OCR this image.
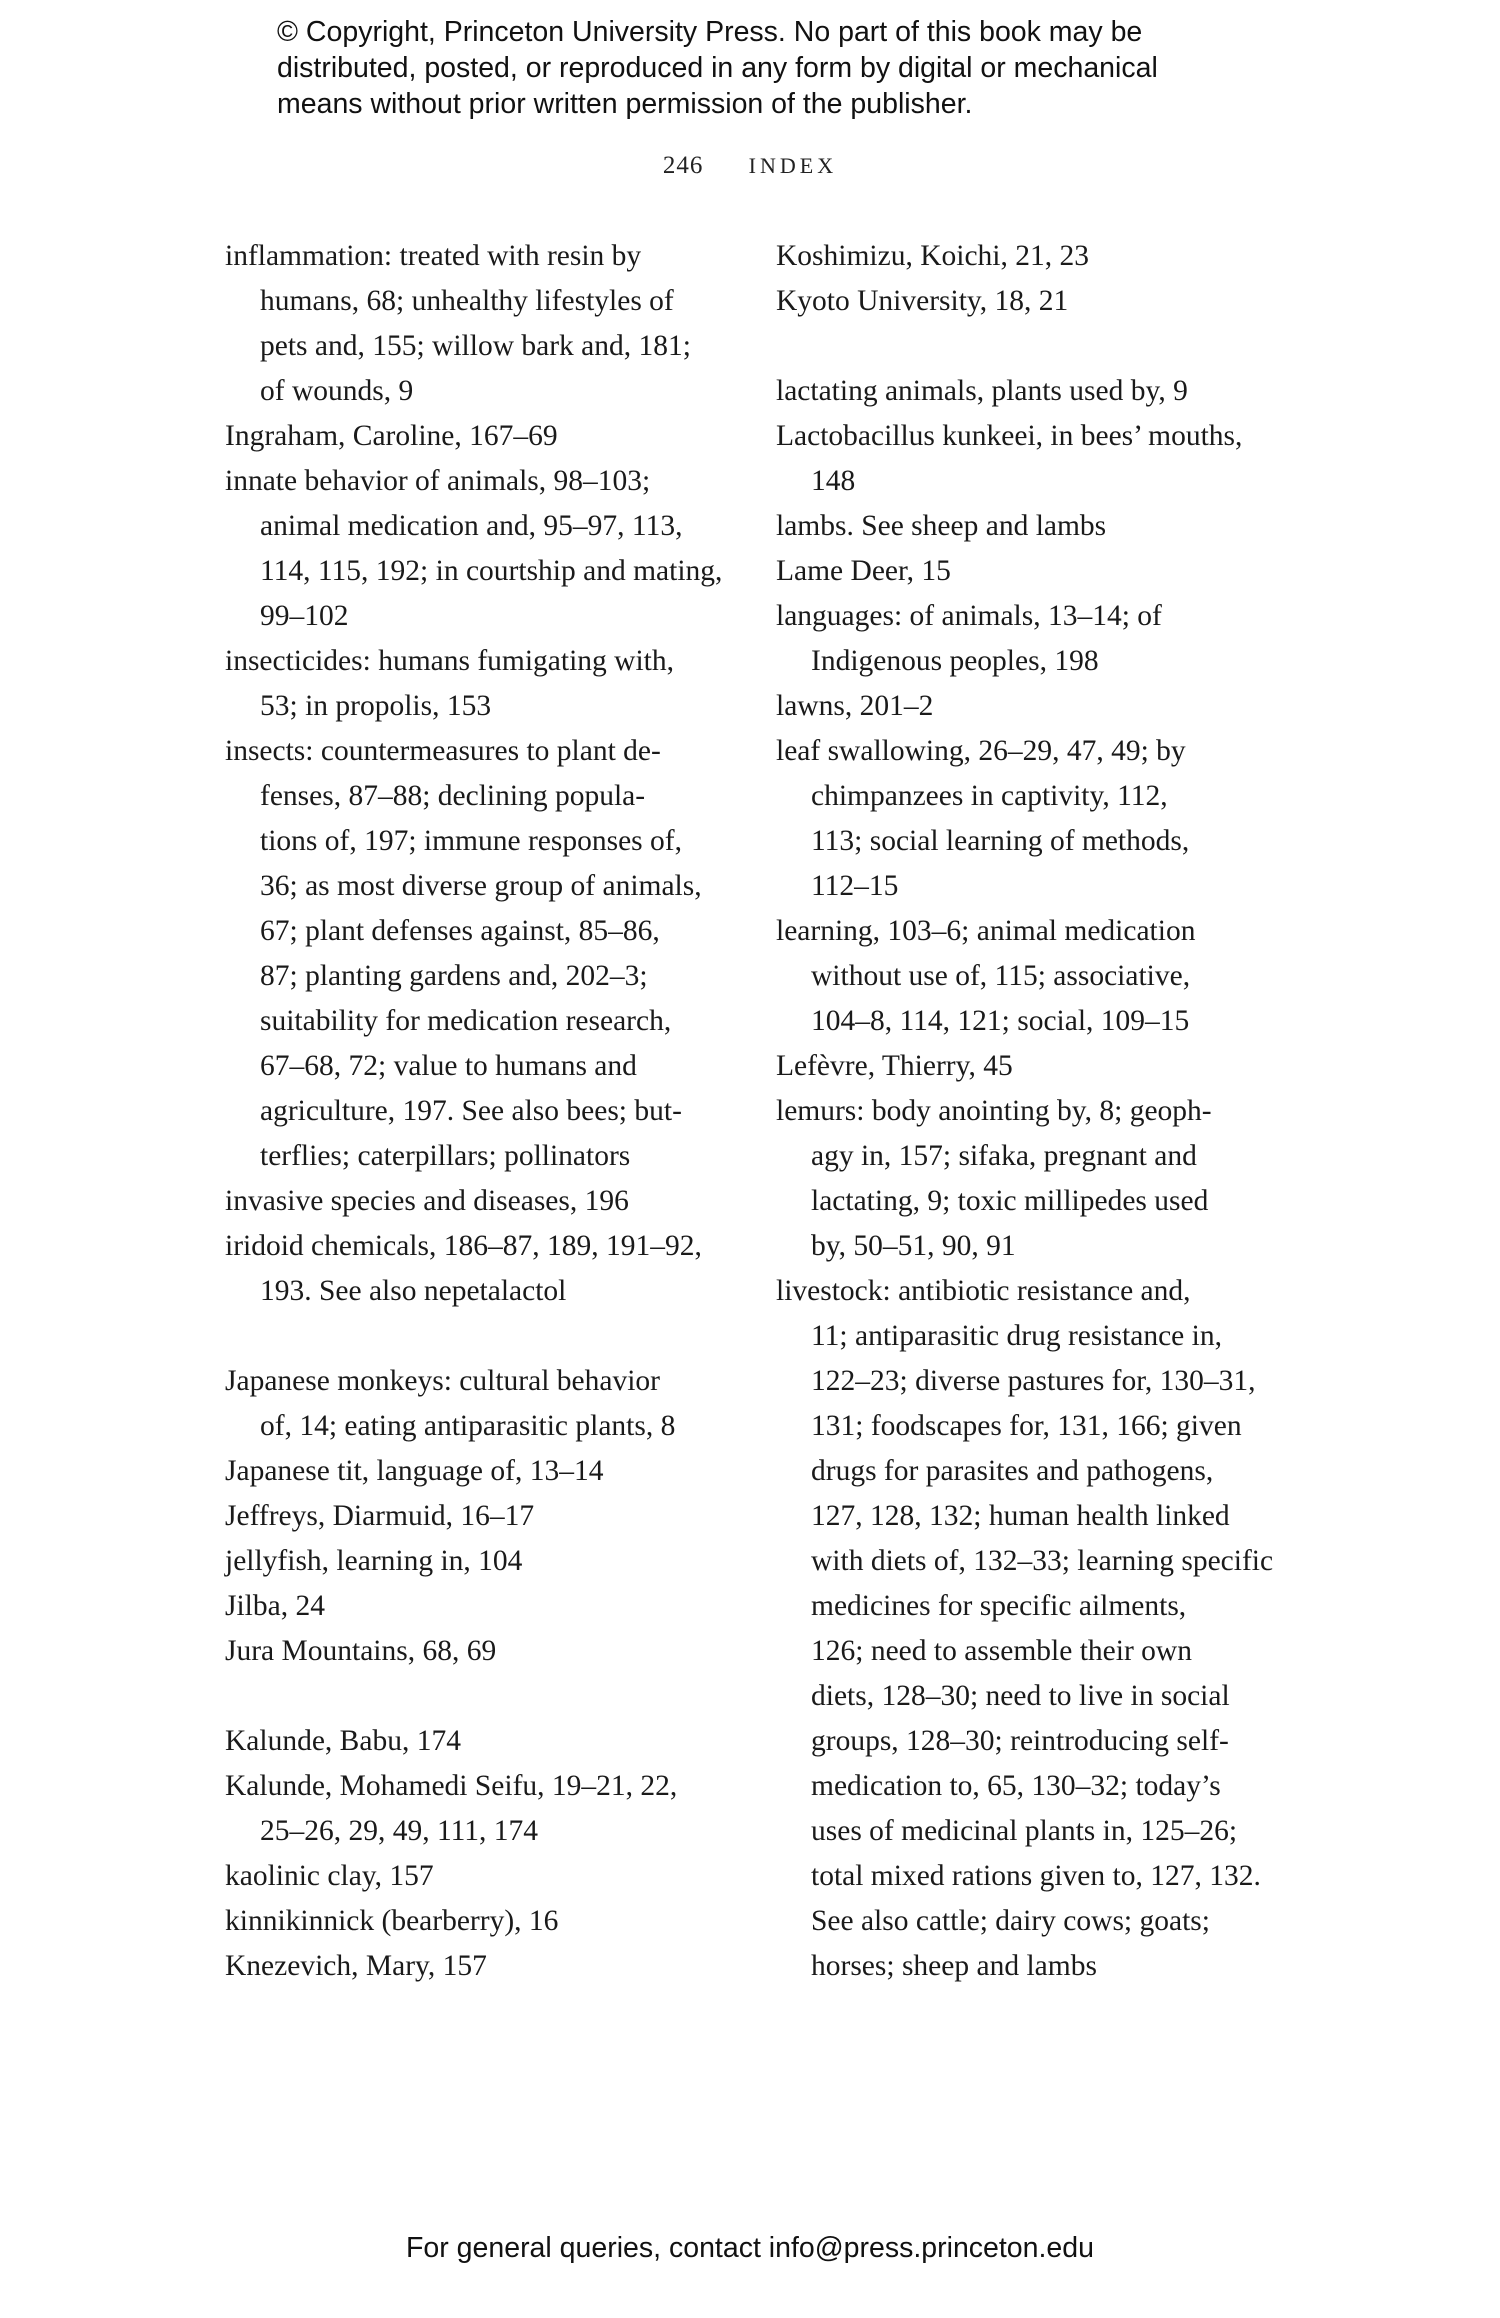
© Copyright, Princeton University Press. No part of this book may be
distributed, posted, or reproduced in any form by digital or mechanical
means without prior written permission of the publisher.
246 INDEX
inflammation: treated with resin by
humans, 68; unhealthy lifestyles of
pets and, 155; willow bark and, 181;
of wounds, 9
Ingraham, Caroline, 167–69
innate behavior of animals, 98–103;
animal medication and, 95–97, 113,
114, 115, 192; in courtship and mating,
99–102
insecticides: humans fumigating with,
53; in propolis, 153
insects: countermeasures to plant de-
fenses, 87–88; declining popula-
tions of, 197; immune responses of,
36; as most diverse group of animals,
67; plant defenses against, 85–86,
87; planting gardens and, 202–3;
suitability for medication research,
67–68, 72; value to humans and
agriculture, 197. See also bees; but-
terflies; caterpillars; pollinators
invasive species and diseases, 196
iridoid chemicals, 186–87, 189, 191–92,
193. See also nepetalactol
Japanese monkeys: cultural behavior
of, 14; eating antiparasitic plants, 8
Japanese tit, language of, 13–14
Jeffreys, Diarmuid, 16–17
jellyfish, learning in, 104
Jilba, 24
Jura Mountains, 68, 69
Kalunde, Babu, 174
Kalunde, Mohamedi Seifu, 19–21, 22,
25–26, 29, 49, 111, 174
kaolinic clay, 157
kinnikinnick (bearberry), 16
Knezevich, Mary, 157
Koshimizu, Koichi, 21, 23
Kyoto University, 18, 21
lactating animals, plants used by, 9
Lactobacillus kunkeei, in bees’ mouths,
148
lambs. See sheep and lambs
Lame Deer, 15
languages: of animals, 13–14; of
Indigenous peoples, 198
lawns, 201–2
leaf swallowing, 26–29, 47, 49; by
chimpanzees in captivity, 112,
113; social learning of methods,
112–15
learning, 103–6; animal medication
without use of, 115; associative,
104–8, 114, 121; social, 109–15
Lefèvre, Thierry, 45
lemurs: body anointing by, 8; geoph-
agy in, 157; sifaka, pregnant and
lactating, 9; toxic millipedes used
by, 50–51, 90, 91
livestock: antibiotic resistance and,
11; antiparasitic drug resistance in,
122–23; diverse pastures for, 130–31,
131; foodscapes for, 131, 166; given
drugs for parasites and pathogens,
127, 128, 132; human health linked
with diets of, 132–33; learning specific
medicines for specific ailments,
126; need to assemble their own
diets, 128–30; need to live in social
groups, 128–30; reintroducing self-
medication to, 65, 130–32; today’s
uses of medicinal plants in, 125–26;
total mixed rations given to, 127, 132.
See also cattle; dairy cows; goats;
horses; sheep and lambs
For general queries, contact info@press.princeton.edu
